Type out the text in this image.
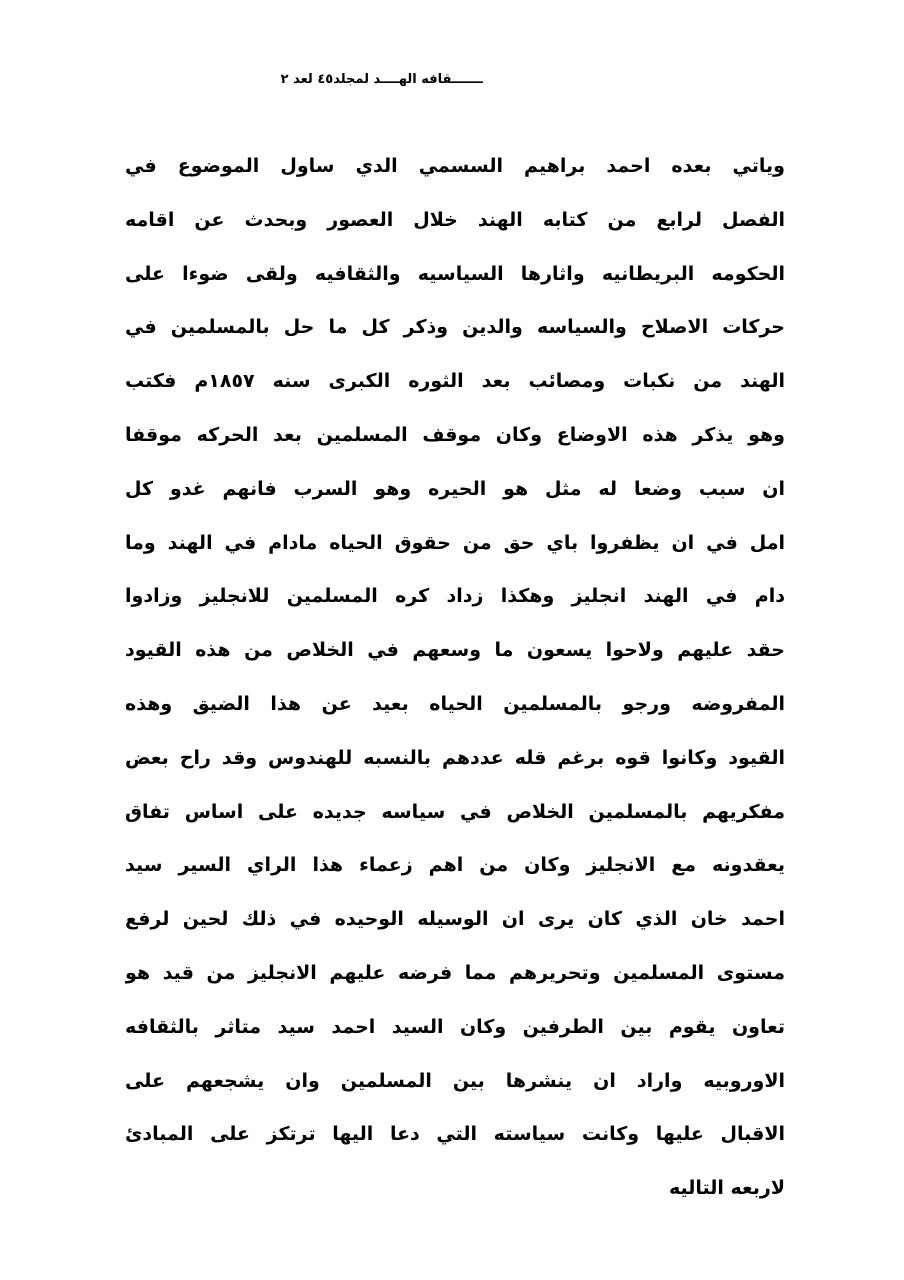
ـــــــقافه الهــــد لمجلد٤٥ لعد ٢
وياتي بعده احمد براهيم السسمي الدي ساول الموضوع في
الفصل لرابع من كتابه الهند خلال العصور وبحدث عن اقامه
الحكومه البريطانيه واثارها السياسيه والثقافيه ولقى ضوءا على
حركات الاصلاح والسياسه والدين وذكر كل ما حل بالمسلمين في
الهند من نكبات ومصائب بعد الثوره الكبرى سنه ١٨٥٧م فكتب
وهو يذكر هذه الاوضاع وكان موقف المسلمين بعد الحركه موقفا
ان سبب وضعا له مثل هو الحيره وهو السرب فانهم غدو كل
امل في ان يظفروا باي حق من حقوق الحياه مادام في الهند وما
دام في الهند انجليز وهكذا زداد كره المسلمين للانجليز وزادوا
حقد عليهم ولاحوا يسعون ما وسعهم في الخلاص من هذه القيود
المفروضه ورجو بالمسلمين الحياه بعيد عن هذا الضيق وهذه
القيود وكانوا قوه برغم قله عددهم بالنسبه للهندوس وقد راح بعض
مفكريهم بالمسلمين الخلاص في سياسه جديده على اساس تفاق
يعقدونه مع الانجليز وكان من اهم زعماء هذا الراي السير سيد
احمد خان الذي كان يرى ان الوسيله الوحيده في ذلك لحين لرفع
مستوى المسلمين وتحريرهم مما فرضه عليهم الانجليز من قيد هو
تعاون يقوم بين الطرفين وكان السيد احمد سيد متاثر بالثقافه
الاوروبيه واراد ان ينشرها بين المسلمين وان يشجعهم على
الاقبال عليها وكانت سياسته التي دعا اليها ترتكز على المبادئ
لاربعه التاليه
